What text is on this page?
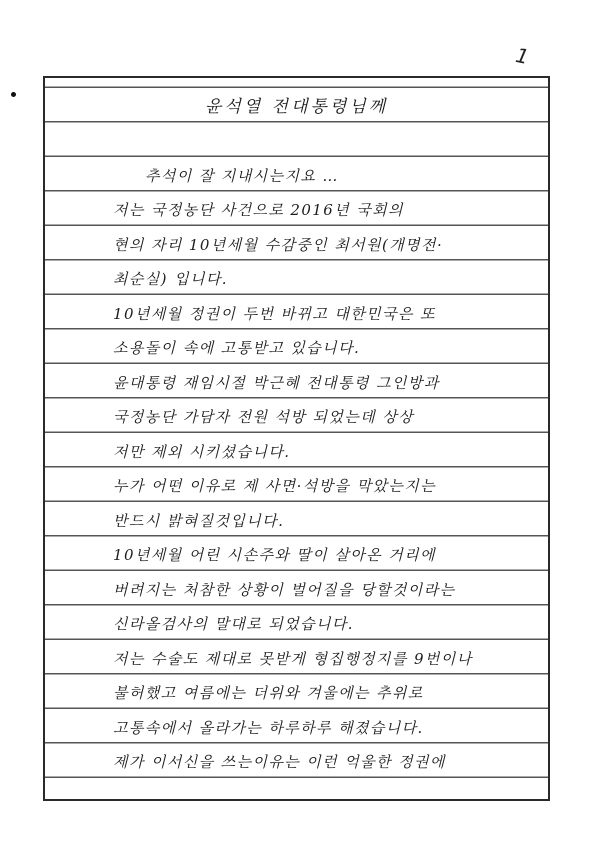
1
윤석열 전대통령님께
추석이 잘 지내시는지요 …
저는 국정농단 사건으로 2016년 국회의
현의 자리 10년세월 수감중인 최서원(개명전·
최순실) 입니다.
10년세월 정권이 두번 바뀌고 대한민국은 또
소용돌이 속에 고통받고 있습니다.
윤대통령 재임시절 박근혜 전대통령 그인방과
국정농단 가담자 전원 석방 되었는데 상상
저만 제외 시키셨습니다.
누가 어떤 이유로 제 사면·석방을 막았는지는
반드시 밝혀질것입니다.
10년세월 어린 시손주와 딸이 살아온 거리에
버려지는 처참한 상황이 벌어질을 당할것이라는
신라올검사의 말대로 되었습니다.
저는 수술도 제대로 못받게 형집행정지를 9번이나
불허했고 여름에는 더위와 겨울에는 추위로
고통속에서 올라가는 하루하루 해졌습니다.
제가 이서신을 쓰는이유는 이런 억울한 정권에
